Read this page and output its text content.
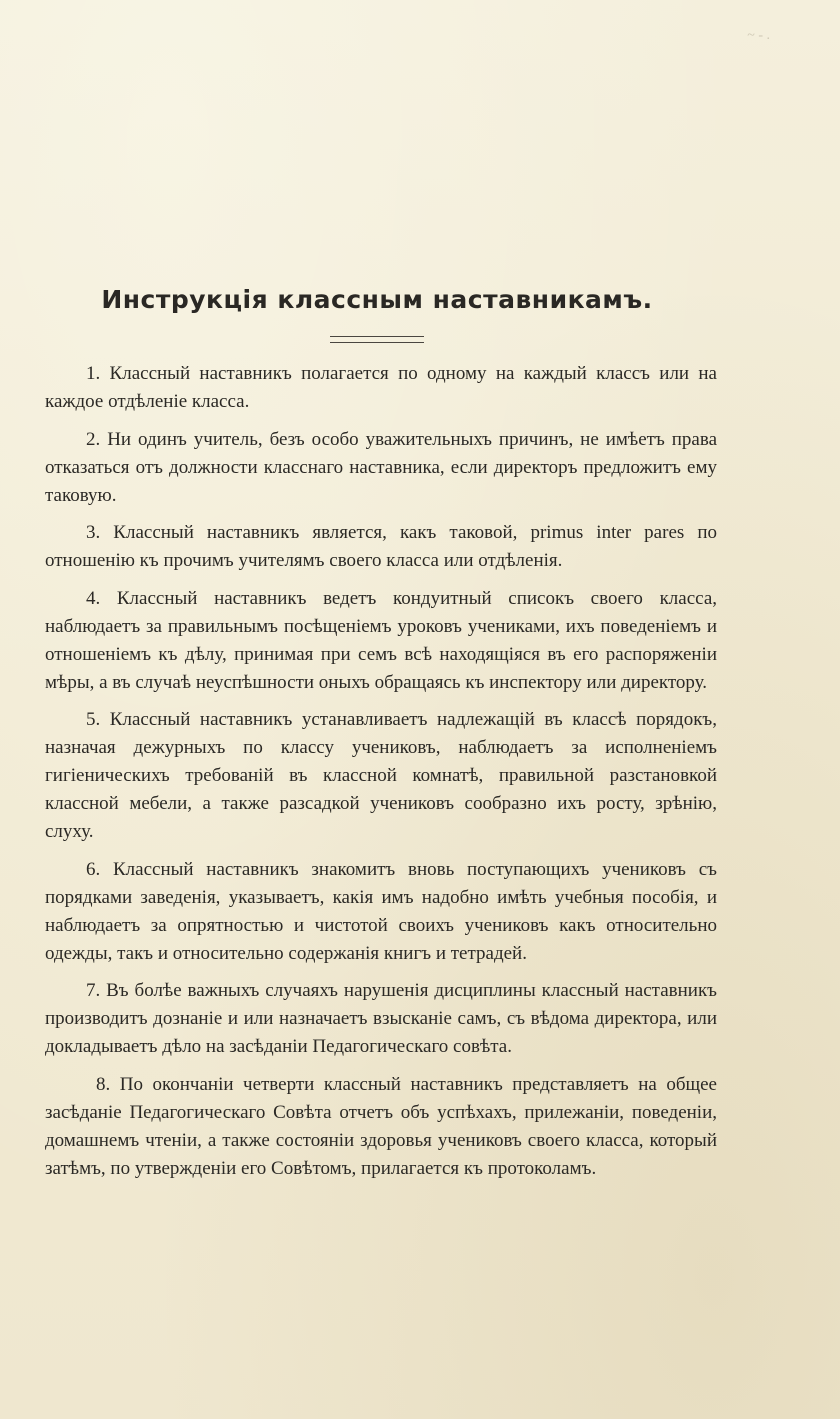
~ - .
Инструкція классным наставникамъ.

1. Классный наставникъ полагается по одному на каждый классъ или на каждое отдѣленіе класса.

2. Ни одинъ учитель, безъ особо уважительныхъ причинъ, не имѣетъ права отказаться отъ должности класснаго наставника, если директоръ предложитъ ему таковую.

3. Классный наставникъ является, какъ таковой, primus inter pares по отношенію къ прочимъ учителямъ своего класса или отдѣленія.

4. Классный наставникъ ведетъ кондуитный списокъ своего класса, наблюдаетъ за правильнымъ посѣщеніемъ уроковъ учениками, ихъ поведеніемъ и отношеніемъ къ дѣлу, принимая при семъ всѣ находящіяся въ его распоряженіи мѣры, а въ случаѣ неуспѣшности оныхъ обращаясь къ инспектору или директору.

5. Классный наставникъ устанавливаетъ надлежащій въ классѣ порядокъ, назначая дежурныхъ по классу учениковъ, наблюдаетъ за исполненіемъ гигіеническихъ требованій въ классной комнатѣ, правильной разстановкой классной мебели, а также разсадкой учениковъ сообразно ихъ росту, зрѣнію, слуху.

6. Классный наставникъ знакомитъ вновь поступающихъ учениковъ съ порядками заведенія, указываетъ, какія имъ надобно имѣть учебныя пособія, и наблюдаетъ за опрятностью и чистотой своихъ учениковъ какъ относительно одежды, такъ и относительно содержанія книгъ и тетрадей.

7. Въ болѣе важныхъ случаяхъ нарушенія дисциплины классный наставникъ производитъ дознаніе и или назначаетъ взысканіе самъ, съ вѣдома директора, или докладываетъ дѣло на засѣданіи Педагогическаго совѣта.

8. По окончаніи четверти классный наставникъ представляетъ на общее засѣданіе Педагогическаго Совѣта отчетъ объ успѣхахъ, прилежаніи, поведеніи, домашнемъ чтеніи, а также состояніи здоровья учениковъ своего класса, который затѣмъ, по утвержденіи его Совѣтомъ, прилагается къ протоколамъ.
